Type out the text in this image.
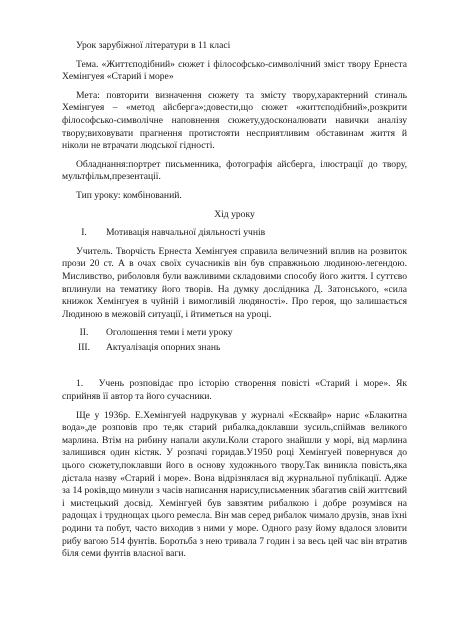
Урок зарубіжної літератури в 11 класі

Тема. «Життєподібний» сюжет і філософсько-символічний зміст твору Ернеста Хемінгуея «Старий і море»

Мета: повторити визначення сюжету та змісту твору,характерний стиналь Хемінгуея – «метод айсберга»;довести,що сюжет «життєподібний»,розкрити філософсько-символічне наповнення сюжету,удосконалювати навички аналізу твору;виховувати прагнення протистояти несприятливим обставинам життя й ніколи не втрачати людської гідності.

Обладнання:портрет письменника, фотографія айсберга, ілюстрації до твору, мультфільм,презентації.

Тип уроку: комбінований.

Хід уроку

I.	Мотивація навчальної діяльності учнів

Учитель. Творчість Ернеста Хемінгуея справила величезний вплив на розвиток прози 20 ст. А в очах своїх сучасників він був справжньою людиною-легендою. Мисливство, риболовля були важливими складовими способу його життя. І суттєво вплинули на тематику його творів. На думку дослідника Д. Затонського, «сила книжок Хемінгуея в чуйній і вимогливій людяності». Про героя, що залишається Людиною в межовій ситуації, і йтиметься на уроці.

II.	Оголошення теми і мети уроку
III.	Актуалізація опорних знань

1. Учень розповідає про історію створення повісті «Старий і море». Як сприйняв її автор та його сучасники.

Ще у 1936р. Е.Хемінгуей надрукував у журналі «Есквайр» нарис «Блакитна вода»,де розповів про те,як старий рибалка,доклавши зусиль,спіймав великого марлина. Втім на рибину напали акули.Коли старого знайшли у морі, від марлина залишився один кістяк. У розпачі горидав.У1950 році Хемінгуей повернувся до цього сюжету,поклавши його в основу художнього твору.Так виникла повість,яка дістала назву «Старий і море». Вона відрізнялася від журнальної публікації. Адже за 14 років,що минули з часів написання нарису,письменник збагатив свій життєвий і мистецький досвід. Хемінгуей був завзятим рибалкою і добре розумівся на радощах і труднощах цього ремесла. Він мав серед рибалок чимало друзів, знав їхні родини та побут, часто виходив з ними у море. Одного разу йому вдалося зловити рибу вагою 514 фунтів. Боротьба з нею тривала 7 годин і за весь цей час він втратив біля семи фунтів власної ваги.
